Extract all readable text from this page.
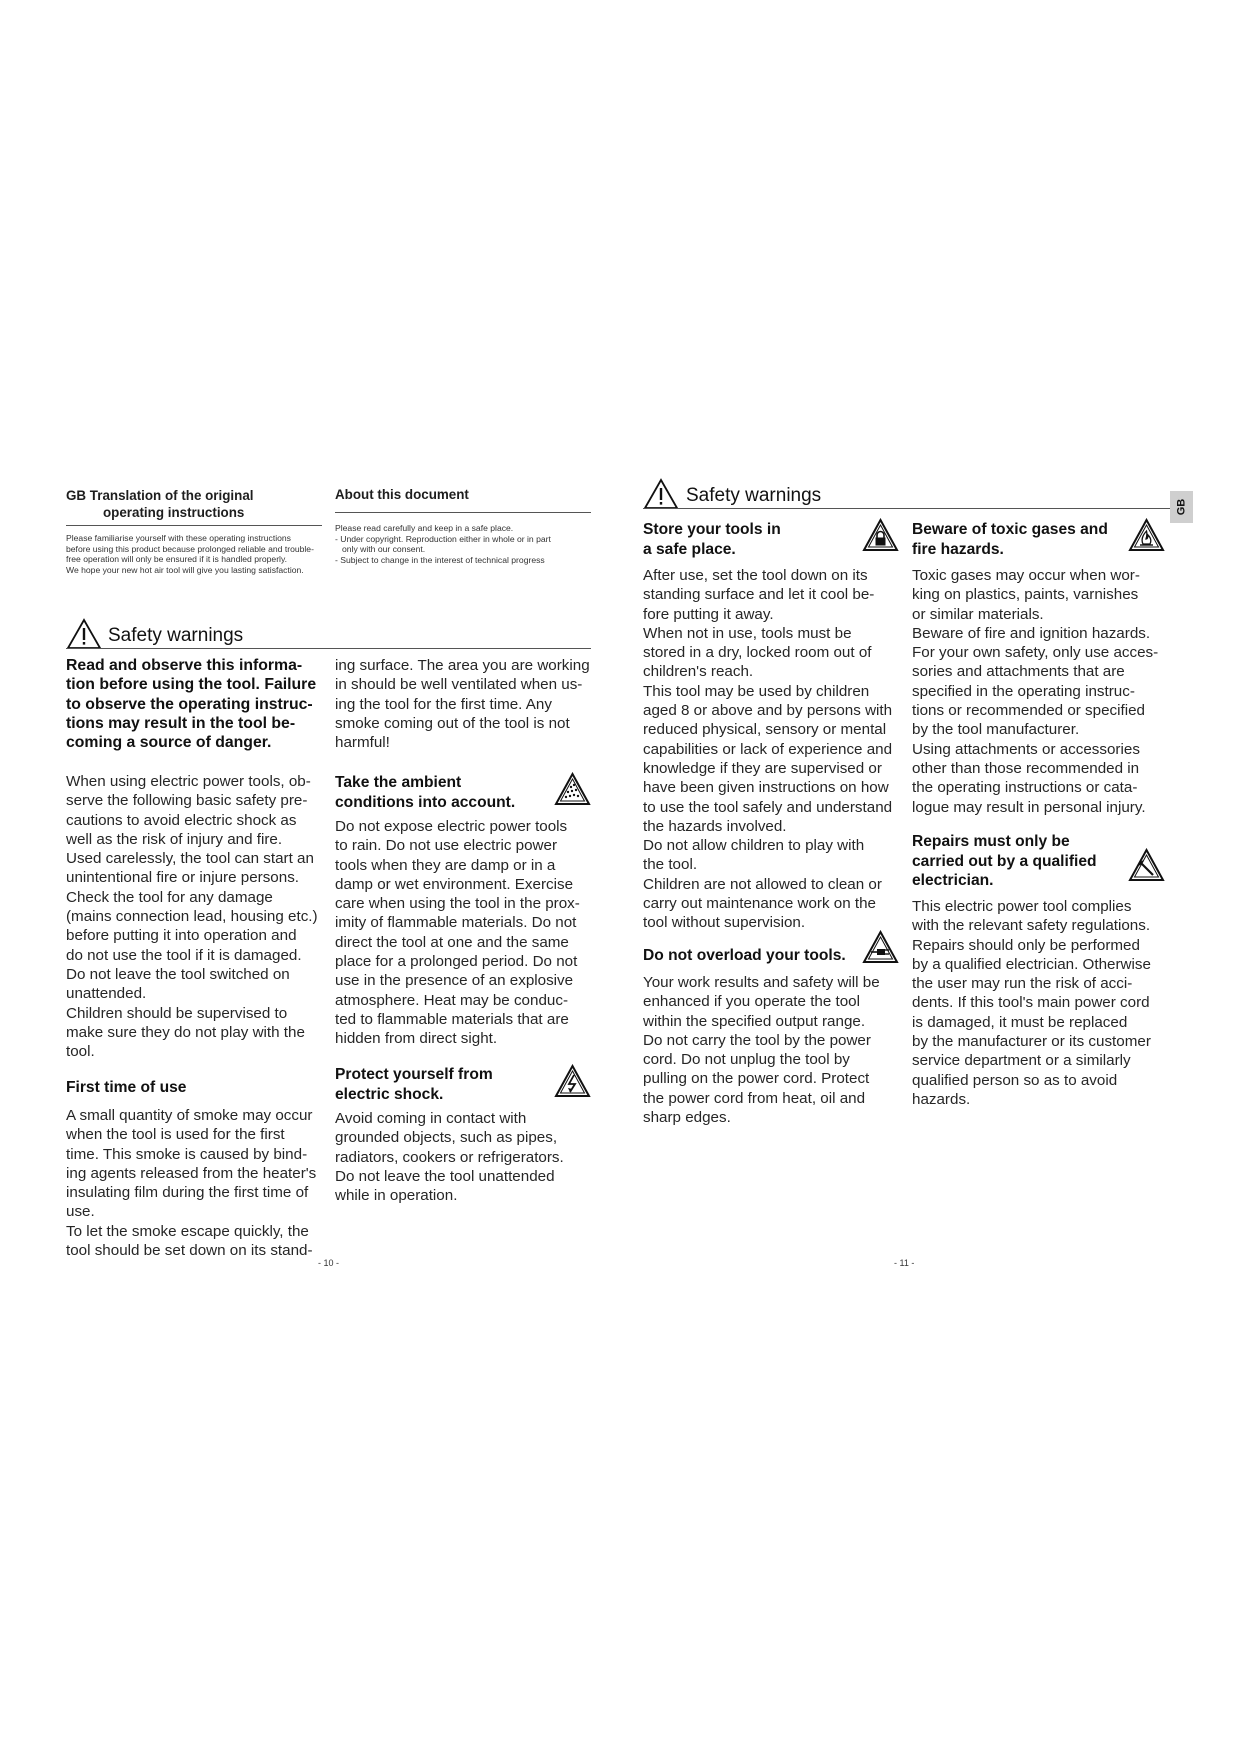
GB Translation of the original
operating instructions
Please familiarise yourself with these operating instructions before using this product because prolonged reliable and trouble-free operation will only be ensured if it is handled properly.
We hope your new hot air tool will give you lasting satisfaction.
About this document
Please read carefully and keep in a safe place.
- Under copyright. Reproduction either in whole or in part
only with our consent.
- Subject to change in the interest of technical progress
Safety warnings
Read and observe this informa-
tion before using the tool. Failure
to observe the operating instruc-
tions may result in the tool be-
coming a source of danger.
When using electric power tools, ob-
serve the following basic safety pre-
cautions to avoid electric shock as
well as the risk of injury and fire.
Used carelessly, the tool can start an
unintentional fire or injure persons.
Check the tool for any damage
(mains connection lead, housing etc.)
before putting it into operation and
do not use the tool if it is damaged.
Do not leave the tool switched on
unattended.
Children should be supervised to
make sure they do not play with the
tool.
First time of use
A small quantity of smoke may occur
when the tool is used for the first
time. This smoke is caused by bind-
ing agents released from the heater's
insulating film during the first time of
use.
To let the smoke escape quickly, the
tool should be set down on its stand-
ing surface. The area you are working
in should be well ventilated when us-
ing the tool for the first time. Any
smoke coming out of the tool is not
harmful!
Take the ambient
conditions into account.
Do not expose electric power tools
to rain. Do not use electric power
tools when they are damp or in a
damp or wet environment. Exercise
care when using the tool in the prox-
imity of flammable materials. Do not
direct the tool at one and the same
place for a prolonged period. Do not
use in the presence of an explosive
atmosphere. Heat may be conduc-
ted to flammable materials that are
hidden from direct sight.
Protect yourself from
electric shock.
Avoid coming in contact with
grounded objects, such as pipes,
radiators, cookers or refrigerators.
Do not leave the tool unattended
while in operation.
- 10 -
Safety warnings
GB
Store your tools in
a safe place.
After use, set the tool down on its
standing surface and let it cool be-
fore putting it away.
When not in use, tools must be
stored in a dry, locked room out of
children's reach.
This tool may be used by children
aged 8 or above and by persons with
reduced physical, sensory or mental
capabilities or lack of experience and
knowledge if they are supervised or
have been given instructions on how
to use the tool safely and understand
the hazards involved.
Do not allow children to play with
the tool.
Children are not allowed to clean or
carry out maintenance work on the
tool without supervision.
Do not overload your tools.
Your work results and safety will be
enhanced if you operate the tool
within the specified output range.
Do not carry the tool by the power
cord. Do not unplug the tool by
pulling on the power cord. Protect
the power cord from heat, oil and
sharp edges.
Beware of toxic gases and
fire hazards.
Toxic gases may occur when wor-
king on plastics, paints, varnishes
or similar materials.
Beware of fire and ignition hazards.
For your own safety, only use acces-
sories and attachments that are
specified in the operating instruc-
tions or recommended or specified
by the tool manufacturer.
Using attachments or accessories
other than those recommended in
the operating instructions or cata-
logue may result in personal injury.
Repairs must only be
carried out by a qualified
electrician.
This electric power tool complies
with the relevant safety regulations.
Repairs should only be performed
by a qualified electrician. Otherwise
the user may run the risk of acci-
dents. If this tool's main power cord
is damaged, it must be replaced
by the manufacturer or its customer
service department or a similarly
qualified person so as to avoid
hazards.
- 11 -
